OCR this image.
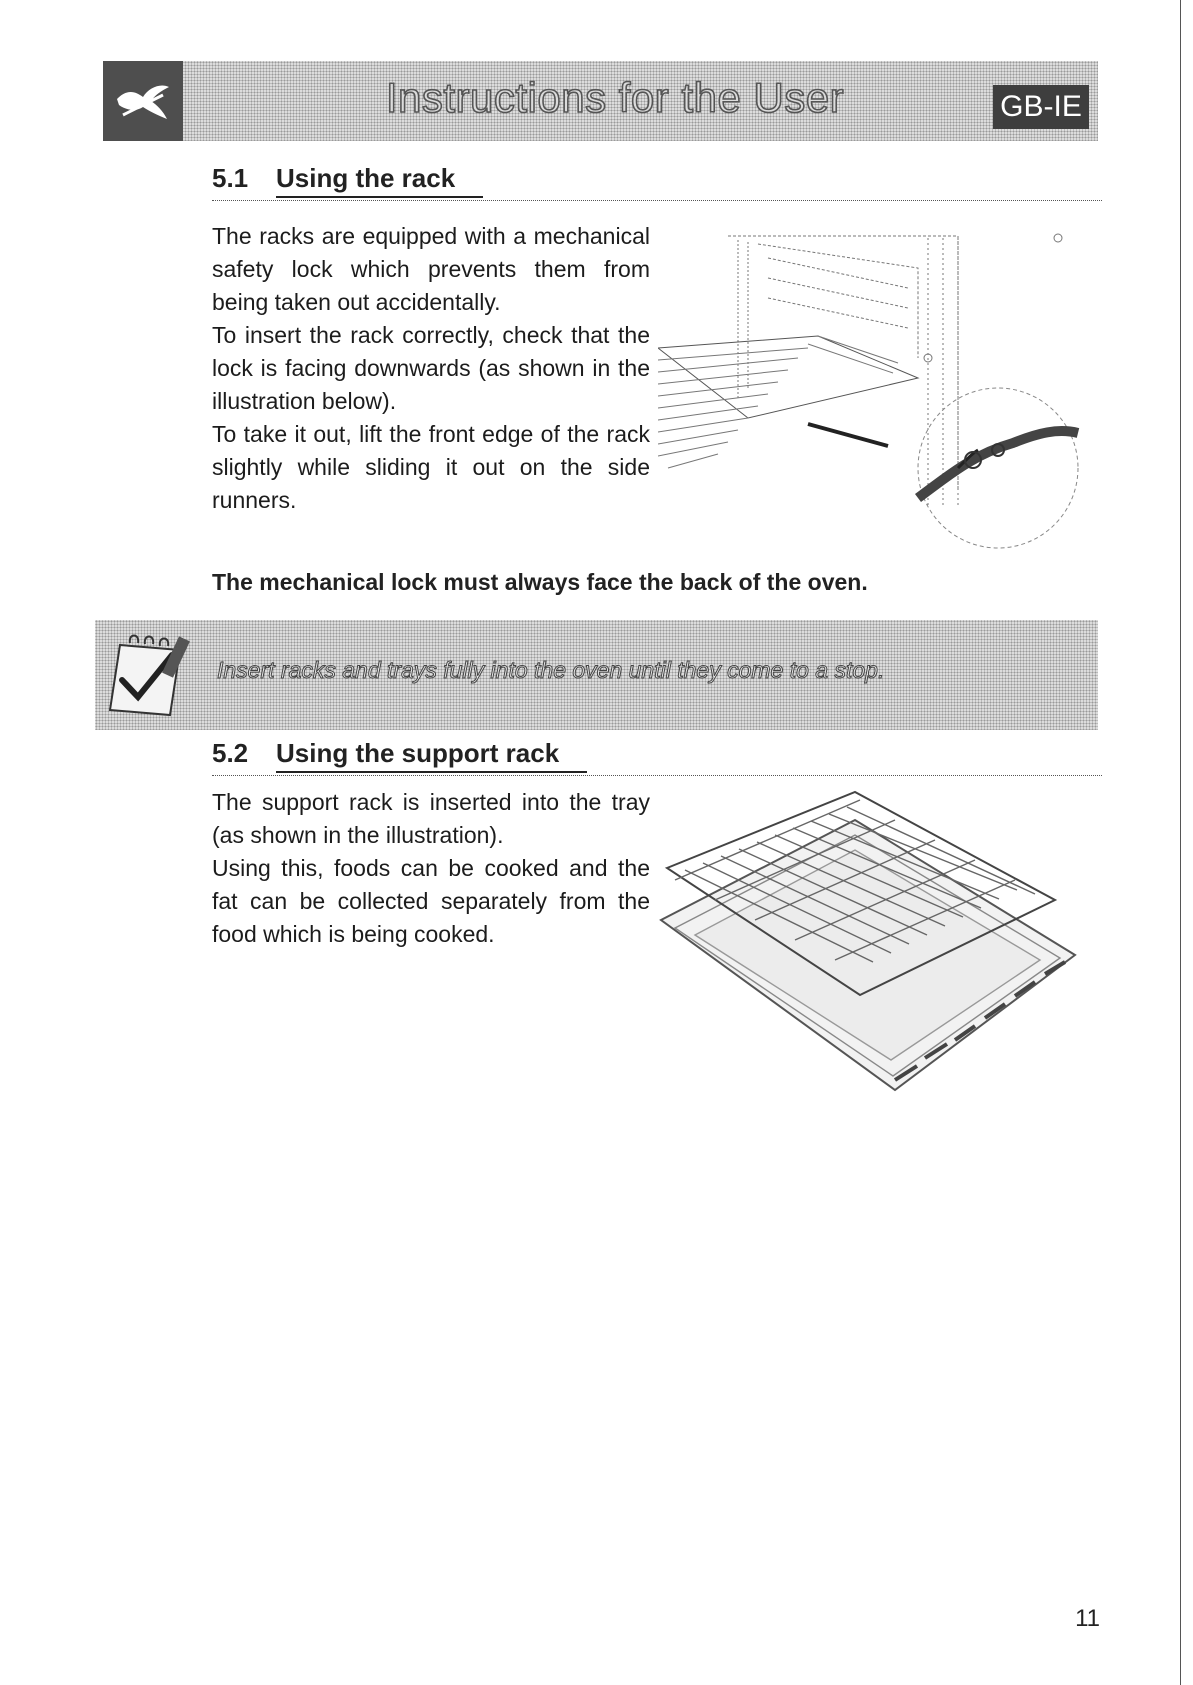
Instructions for the User	GB-IE
5.1 Using the rack

The racks are equipped with a mechanical safety lock which prevents them from being taken out accidentally.

To insert the rack correctly, check that the lock is facing downwards (as shown in the illustration below).

To take it out, lift the front edge of the rack slightly while sliding it out on the side runners.

The mechanical lock must always face the back of the oven.
Insert racks and trays fully into the oven until they come to a stop.
5.2 Using the support rack

The support rack is inserted into the tray (as shown in the illustration).

Using this, foods can be cooked and the fat can be collected separately from the food which is being cooked.

11
